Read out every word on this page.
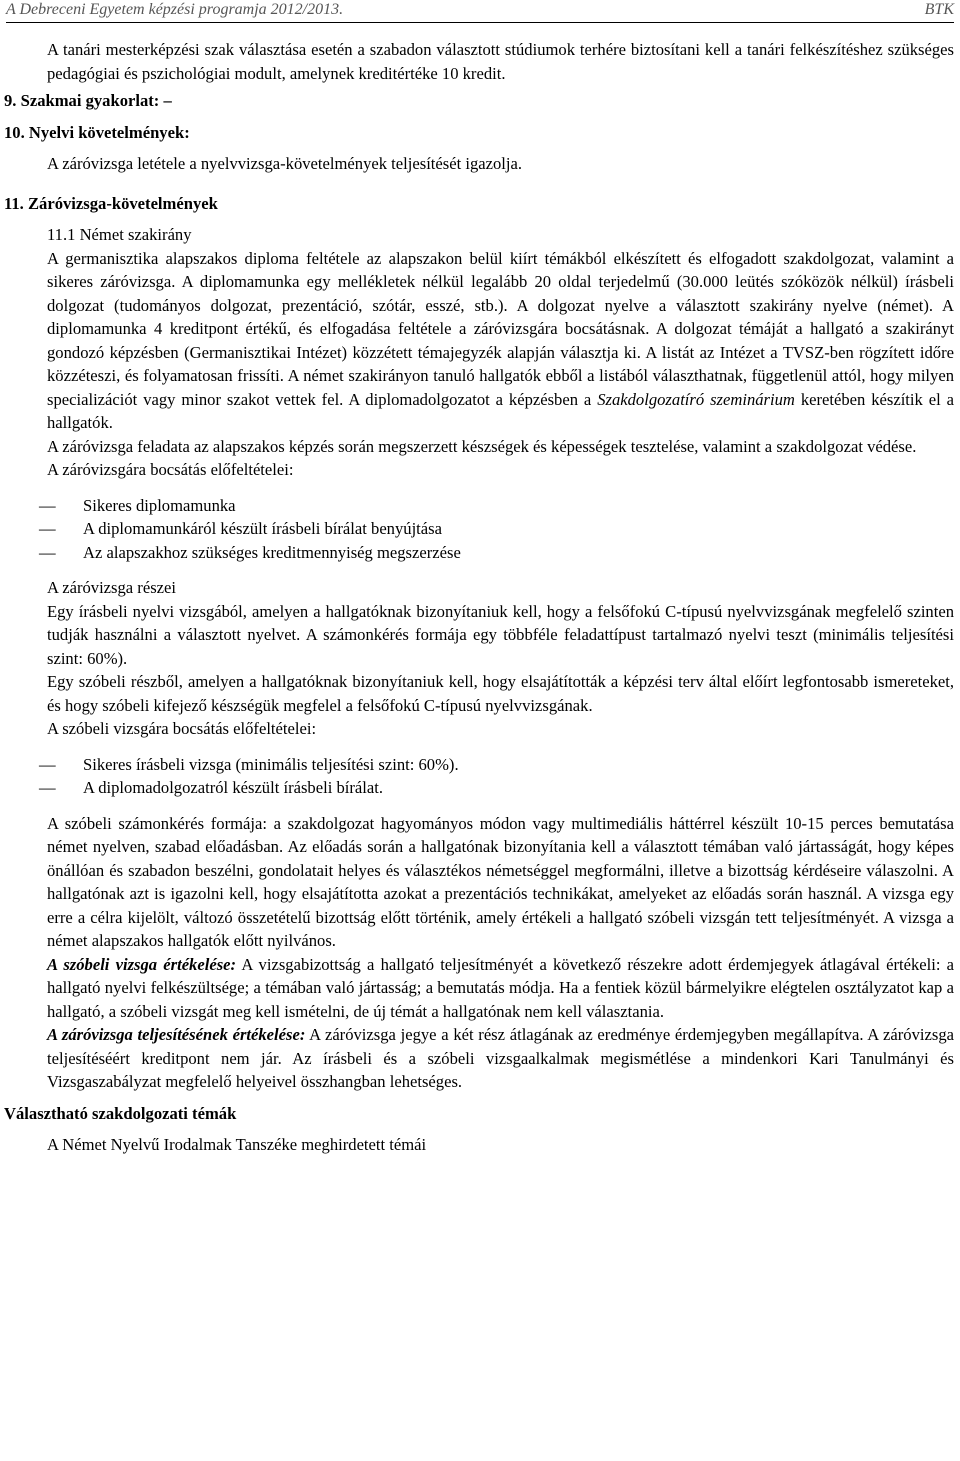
A Debreceni Egyetem képzési programja 2012/2013.	BTK

A tanári mesterképzési szak választása esetén a szabadon választott stúdiumok terhére biztosítani kell a tanári felkészítéshez szükséges pedagógiai és pszichológiai modult, amelynek kreditértéke 10 kredit.

9. Szakmai gyakorlat: –
10. Nyelvi követelmények:

A záróvizsga letétele a nyelvvizsga-követelmények teljesítését igazolja.

11. Záróvizsga-követelmények
11.1 Német szakirány

A germanisztika alapszakos diploma feltétele az alapszakon belül kiírt témákból elkészített és elfogadott szakdolgozat, valamint a sikeres záróvizsga. A diplomamunka egy mellékletek nélkül legalább 20 oldal terjedelmű (30.000 leütés szóközök nélkül) írásbeli dolgozat (tudományos dolgozat, prezentáció, szótár, esszé, stb.). A dolgozat nyelve a választott szakirány nyelve (német). A diplomamunka 4 kreditpont értékű, és elfogadása feltétele a záróvizsgára bocsátásnak. A dolgozat témáját a hallgató a szakirányt gondozó képzésben (Germanisztikai Intézet) közzétett témajegyzék alapján választja ki. A listát az Intézet a TVSZ-ben rögzített időre közzéteszi, és folyamatosan frissíti. A német szakirányon tanuló hallgatók ebből a listából választhatnak, függetlenül attól, hogy milyen specializációt vagy minor szakot vettek fel. A diplomadolgozatot a képzésben a Szakdolgozatíró szeminárium keretében készítik el a hallgatók.

A záróvizsga feladata az alapszakos képzés során megszerzett készségek és képességek tesztelése, valamint a szakdolgozat védése.

A záróvizsgára bocsátás előfeltételei:

— Sikeres diplomamunka
— A diplomamunkáról készült írásbeli bírálat benyújtása
— Az alapszakhoz szükséges kreditmennyiség megszerzése

A záróvizsga részei

Egy írásbeli nyelvi vizsgából, amelyen a hallgatóknak bizonyítaniuk kell, hogy a felsőfokú C-típusú nyelvvizsgának megfelelő szinten tudják használni a választott nyelvet. A számonkérés formája egy többféle feladattípust tartalmazó nyelvi teszt (minimális teljesítési szint: 60%).

Egy szóbeli részből, amelyen a hallgatóknak bizonyítaniuk kell, hogy elsajátították a képzési terv által előírt legfontosabb ismereteket, és hogy szóbeli kifejező készségük megfelel a felsőfokú C-típusú nyelvvizsgának.

A szóbeli vizsgára bocsátás előfeltételei:

— Sikeres írásbeli vizsga (minimális teljesítési szint: 60%).
— A diplomadolgozatról készült írásbeli bírálat.

A szóbeli számonkérés formája: a szakdolgozat hagyományos módon vagy multimediális háttérrel készült 10-15 perces bemutatása német nyelven, szabad előadásban. Az előadás során a hallgatónak bizonyítania kell a választott témában való jártasságát, hogy képes önállóan és szabadon beszélni, gondolatait helyes és választékos németséggel megformálni, illetve a bizottság kérdéseire válaszolni. A hallgatónak azt is igazolni kell, hogy elsajátította azokat a prezentációs technikákat, amelyeket az előadás során használ. A vizsga egy erre a célra kijelölt, változó összetételű bizottság előtt történik, amely értékeli a hallgató szóbeli vizsgán tett teljesítményét. A vizsga a német alapszakos hallgatók előtt nyilvános.

A szóbeli vizsga értékelése: A vizsgabizottság a hallgató teljesítményét a következő részekre adott érdemjegyek átlagával értékeli: a hallgató nyelvi felkészültsége; a témában való jártasság; a bemutatás módja. Ha a fentiek közül bármelyikre elégtelen osztályzatot kap a hallgató, a szóbeli vizsgát meg kell ismételni, de új témát a hallgatónak nem kell választania.

A záróvizsga teljesítésének értékelése: A záróvizsga jegye a két rész átlagának az eredménye érdemjegyben megállapítva. A záróvizsga teljesítéséért kreditpont nem jár. Az írásbeli és a szóbeli vizsgaalkalmak megismétlése a mindenkori Kari Tanulmányi és Vizsgaszabályzat megfelelő helyeivel összhangban lehetséges.

Választható szakdolgozati témák
A Német Nyelvű Irodalmak Tanszéke meghirdetett témái
